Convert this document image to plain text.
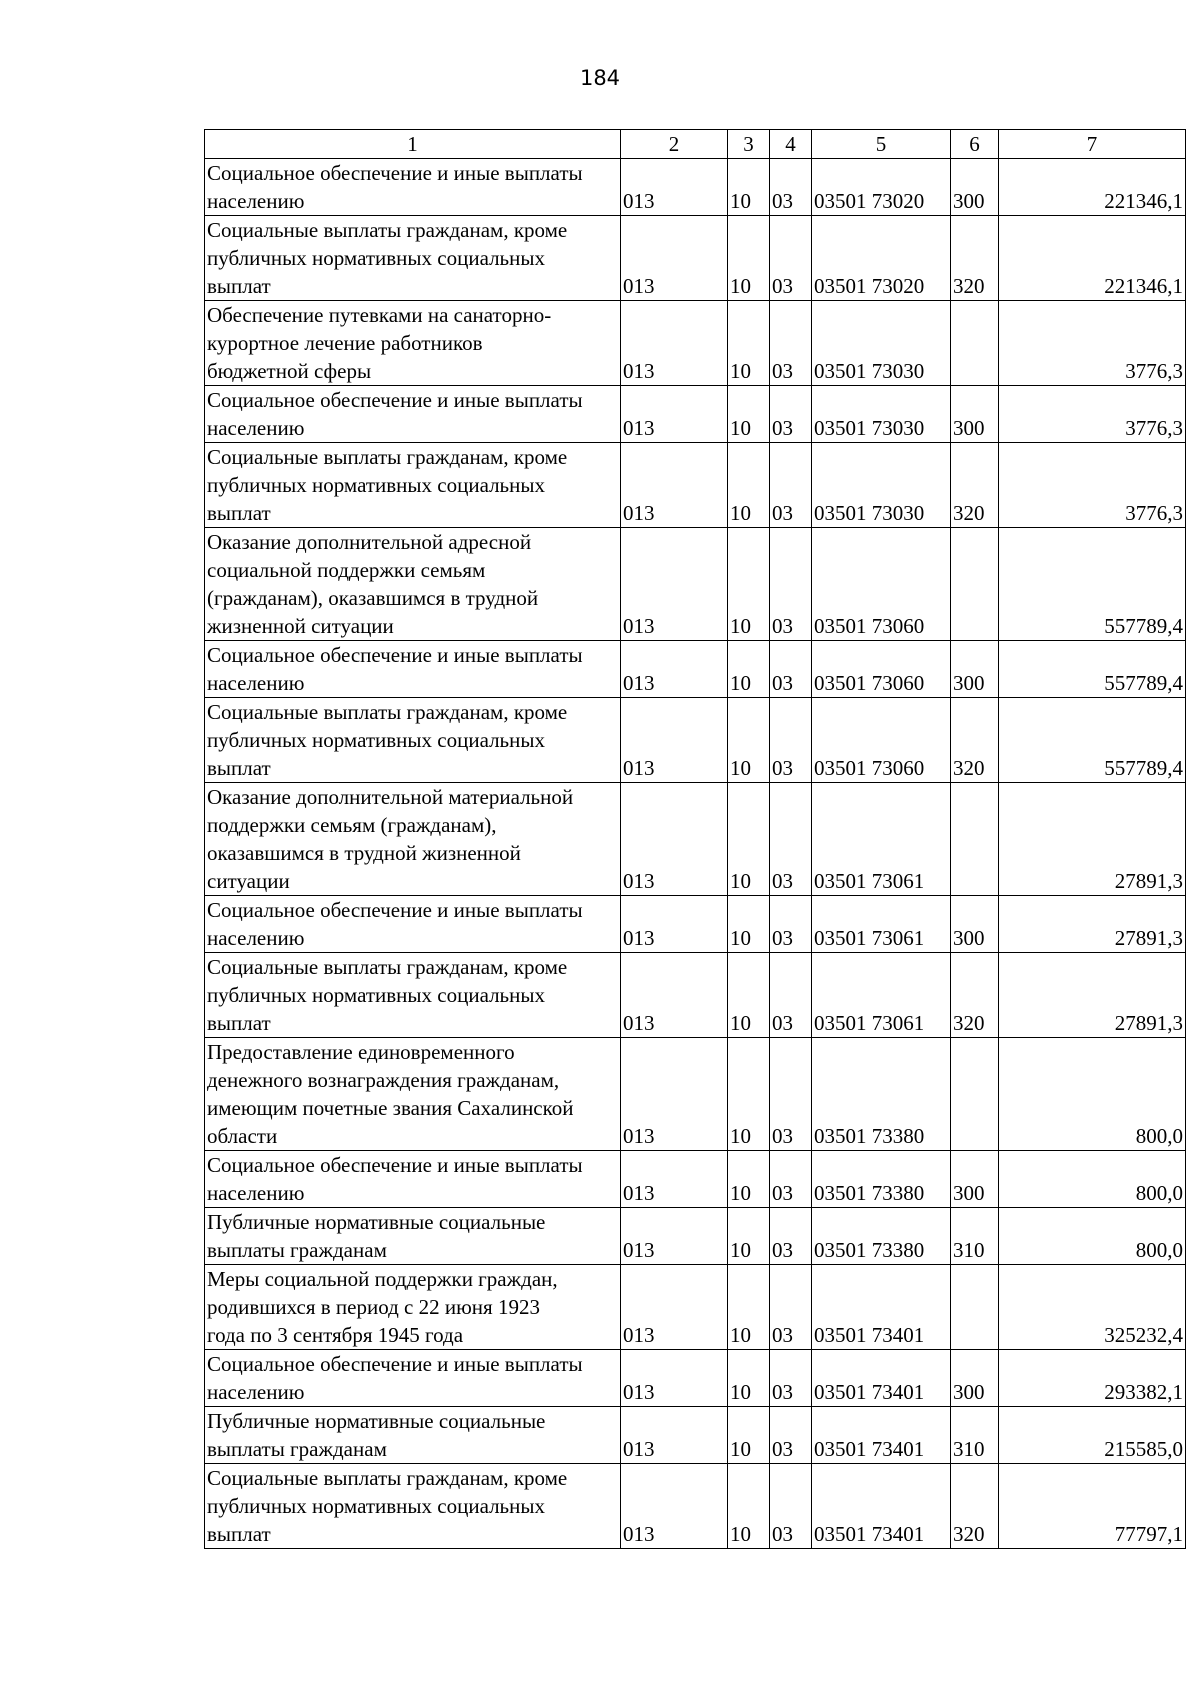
184
1	2	3	4	5	6	7
Социальное обеспечение и иные выплаты
населению	013	10	03	03501 73020	300	221346,1
Социальные выплаты гражданам, кроме
публичных нормативных социальных
выплат	013	10	03	03501 73020	320	221346,1
Обеспечение путевками на санаторно-
курортное лечение работников
бюджетной сферы	013	10	03	03501 73030		3776,3
Социальное обеспечение и иные выплаты
населению	013	10	03	03501 73030	300	3776,3
Социальные выплаты гражданам, кроме
публичных нормативных социальных
выплат	013	10	03	03501 73030	320	3776,3
Оказание дополнительной адресной
социальной поддержки семьям
(гражданам), оказавшимся в трудной
жизненной ситуации	013	10	03	03501 73060		557789,4
Социальное обеспечение и иные выплаты
населению	013	10	03	03501 73060	300	557789,4
Социальные выплаты гражданам, кроме
публичных нормативных социальных
выплат	013	10	03	03501 73060	320	557789,4
Оказание дополнительной материальной
поддержки семьям (гражданам),
оказавшимся в трудной жизненной
ситуации	013	10	03	03501 73061		27891,3
Социальное обеспечение и иные выплаты
населению	013	10	03	03501 73061	300	27891,3
Социальные выплаты гражданам, кроме
публичных нормативных социальных
выплат	013	10	03	03501 73061	320	27891,3
Предоставление единовременного
денежного вознаграждения гражданам,
имеющим почетные звания Сахалинской
области	013	10	03	03501 73380		800,0
Социальное обеспечение и иные выплаты
населению	013	10	03	03501 73380	300	800,0
Публичные нормативные социальные
выплаты гражданам	013	10	03	03501 73380	310	800,0
Меры социальной поддержки граждан,
родившихся в период с 22 июня 1923
года по 3 сентября 1945 года	013	10	03	03501 73401		325232,4
Социальное обеспечение и иные выплаты
населению	013	10	03	03501 73401	300	293382,1
Публичные нормативные социальные
выплаты гражданам	013	10	03	03501 73401	310	215585,0
Социальные выплаты гражданам, кроме
публичных нормативных социальных
выплат	013	10	03	03501 73401	320	77797,1
